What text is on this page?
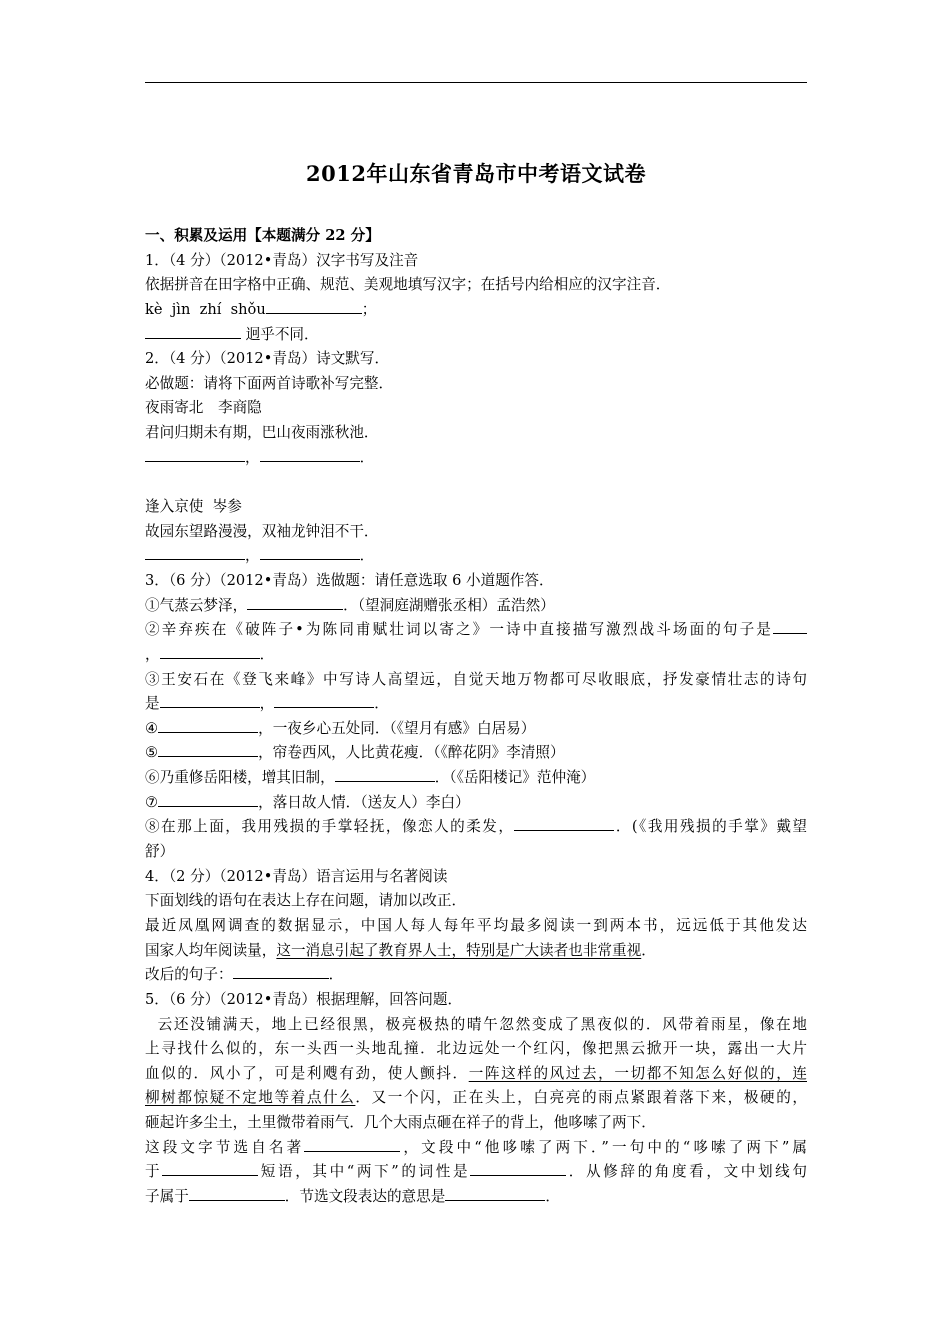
2012年山东省青岛市中考语文试卷
一、积累及运用【本题满分 22 分】
1．（4 分）（2012•青岛）汉字书写及注音
依据拼音在田字格中正确、规范、美观地填写汉字；在括号内给相应的汉字注音．
kè  jìn  zhí  shǒu	；
迥乎不同．
2．（4 分）（2012•青岛）诗文默写．
必做题：请将下面两首诗歌补写完整．
夜雨寄北　李商隐
君问归期未有期，巴山夜雨涨秋池．
，	．
逢入京使  岑参
故园东望路漫漫，双袖龙钟泪不干．
，	．
3．（6 分）（2012•青岛）选做题：请任意选取 6 小道题作答．
①气蒸云梦泽，	．（望洞庭湖赠张丞相）孟浩然）
②辛弃疾在《破阵子•为陈同甫赋壮词以寄之》一诗中直接描写激烈战斗场面的句子是
，	．
③王安石在《登飞来峰》中写诗人高望远，自觉天地万物都可尽收眼底，抒发豪情壮志的诗句
是	，	．
④	，一夜乡心五处同．（《望月有感》白居易）
⑤	，帘卷西风，人比黄花瘦．（《醉花阴》李清照）
⑥乃重修岳阳楼，增其旧制，	．（《岳阳楼记》范仲淹）
⑦	，落日故人情．（送友人）李白）
⑧在那上面，我用残损的手掌轻抚，像恋人的柔发，	．(《我用残损的手掌》戴望
舒）
4．（2 分）（2012•青岛）语言运用与名著阅读
下面划线的语句在表达上存在问题，请加以改正．
最近凤凰网调查的数据显示，中国人每人每年平均最多阅读一到两本书，远远低于其他发达
国家人均年阅读量，这一消息引起了教育界人士，特别是广大读者也非常重视．
改后的句子：	．
5．（6 分）（2012•青岛）根据理解，回答问题．
云还没铺满天，地上已经很黑，极亮极热的晴午忽然变成了黑夜似的．风带着雨星，像在地
上寻找什么似的，东一头西一头地乱撞．北边远处一个红闪，像把黑云掀开一块，露出一大片
血似的．风小了，可是利飕有劲，使人颤抖．一阵这样的风过去，一切都不知怎么好似的，连
柳树都惊疑不定地等着点什么．又一个闪，正在头上，白亮亮的雨点紧跟着落下来，极硬的，
砸起许多尘土，土里微带着雨气．几个大雨点砸在祥子的背上，他哆嗦了两下．
这段文字节选自名著	，文段中“他哆嗦了两下．”一句中的“哆嗦了两下”属
于	短语，其中“两下”的词性是	．从修辞的角度看，文中划线句
子属于	．节选文段表达的意思是	．
